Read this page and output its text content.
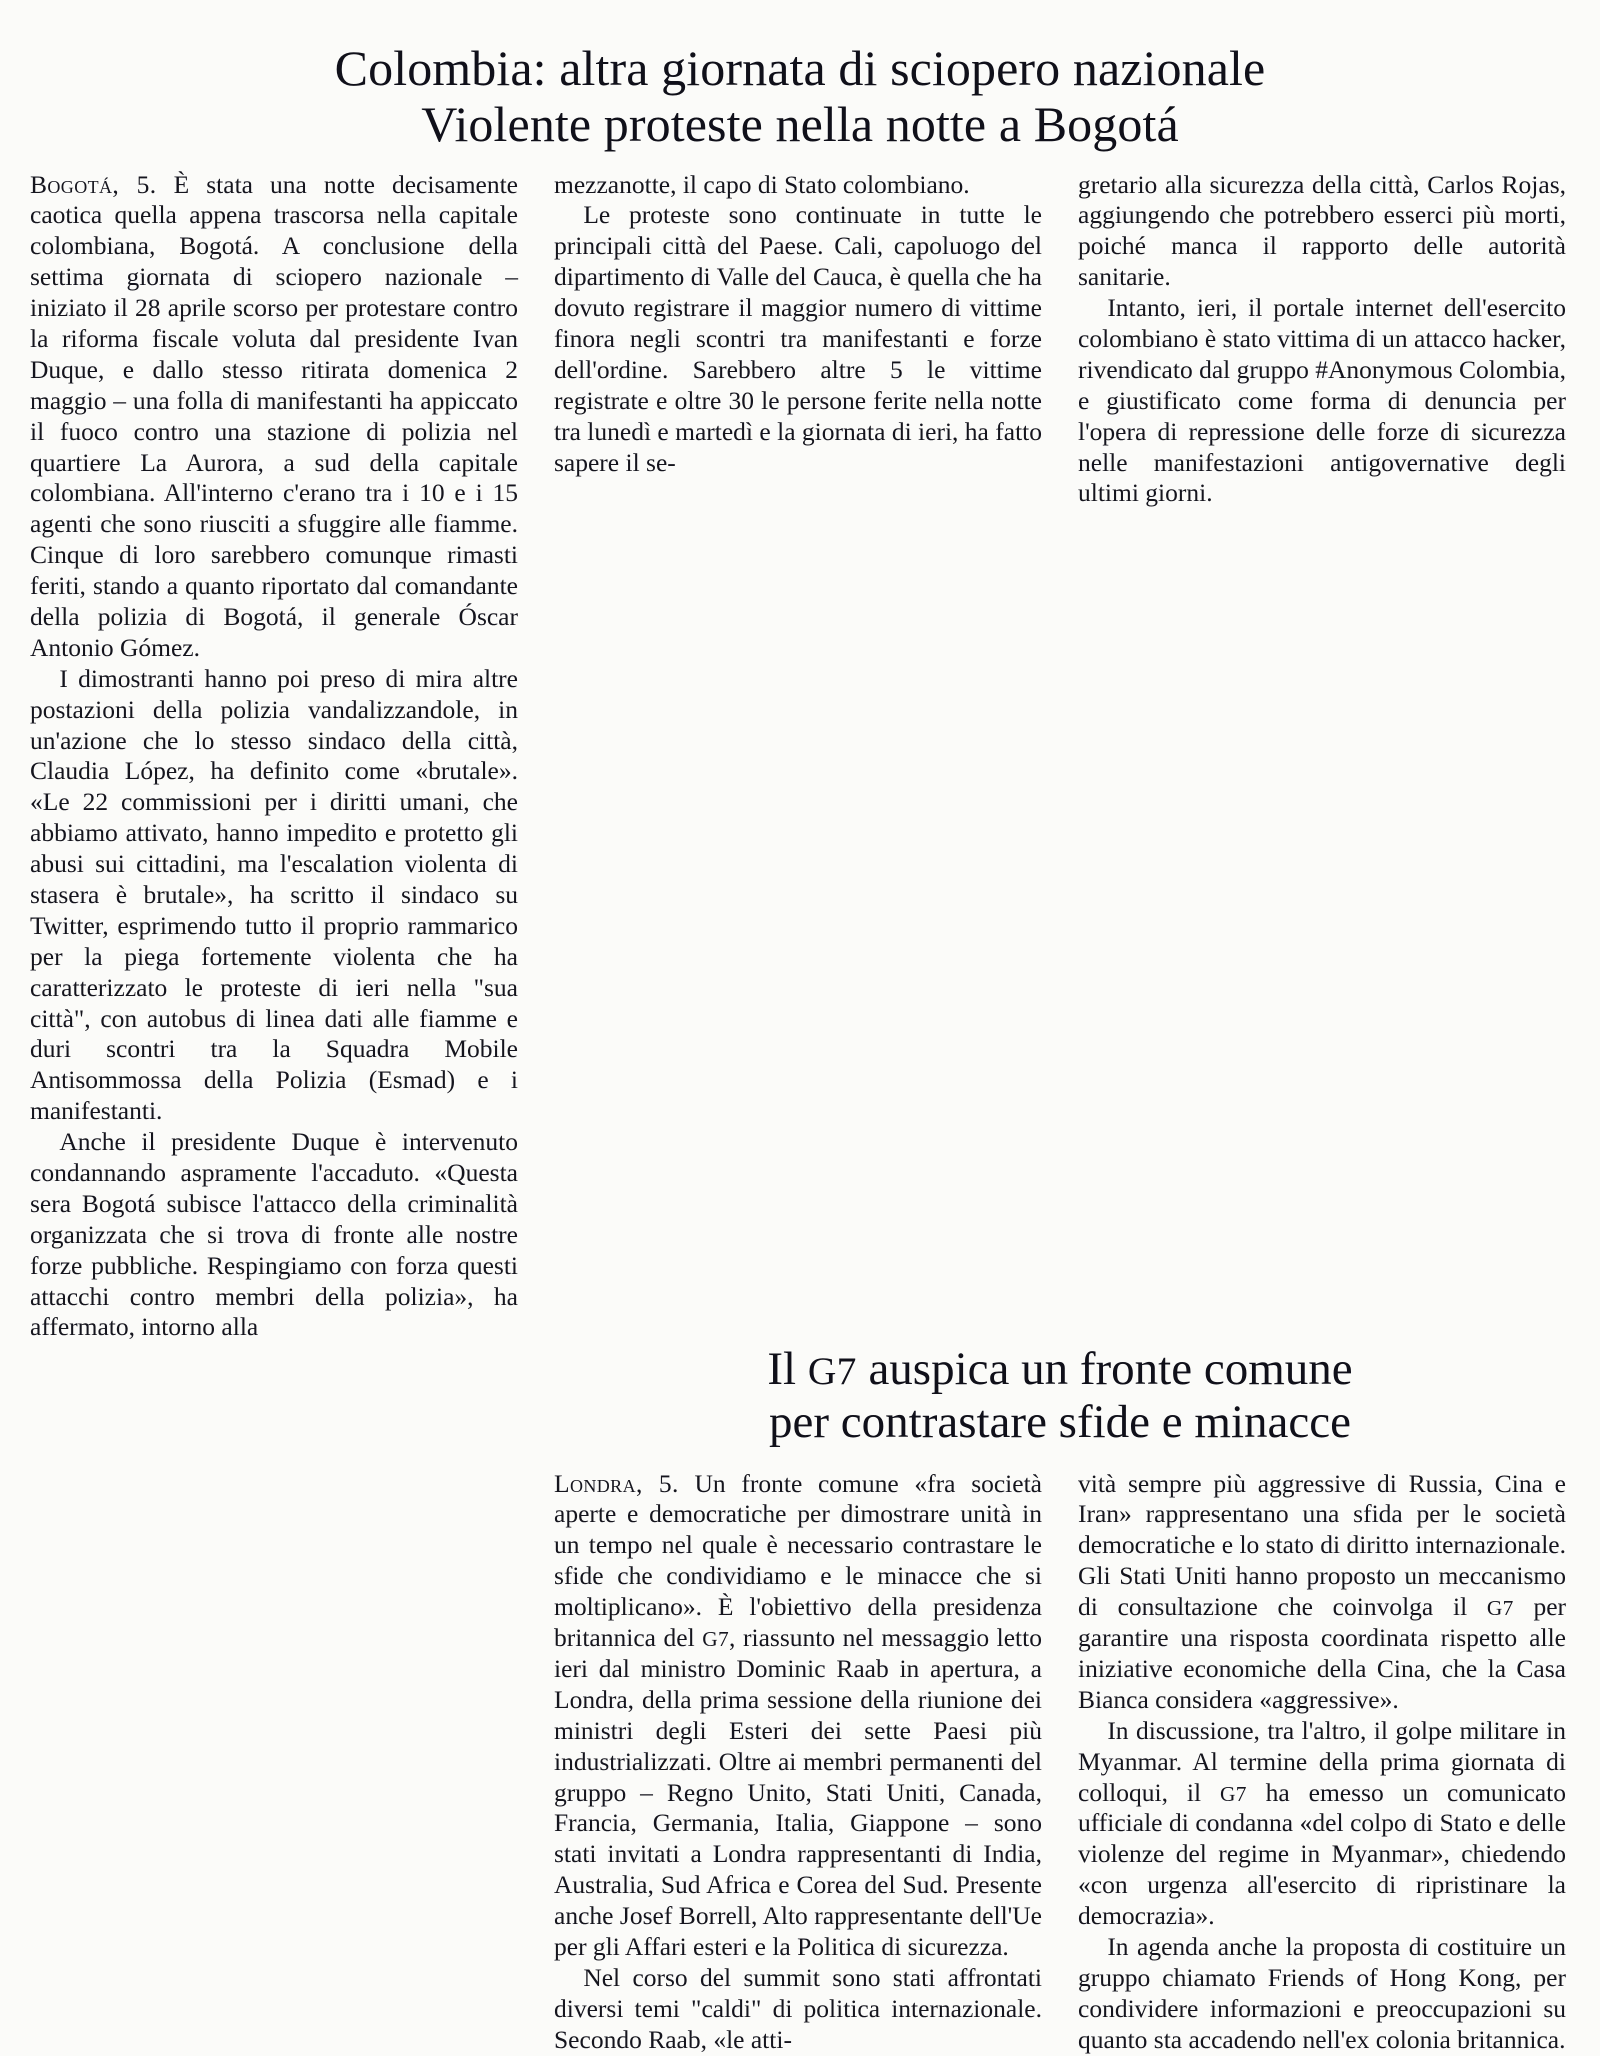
Colombia: altra giornata di sciopero nazionale
Violente proteste nella notte a Bogotá

Bogotá, 5. È stata una notte decisamente caotica quella appena trascorsa nella capitale colombiana, Bogotá. A conclusione della settima giornata di sciopero nazionale – iniziato il 28 aprile scorso per protestare contro la riforma fiscale voluta dal presidente Ivan Duque, e dallo stesso ritirata domenica 2 maggio – una folla di manifestanti ha appiccato il fuoco contro una stazione di polizia nel quartiere La Aurora, a sud della capitale colombiana. All'interno c'erano tra i 10 e i 15 agenti che sono riusciti a sfuggire alle fiamme. Cinque di loro sarebbero comunque rimasti feriti, stando a quanto riportato dal comandante della polizia di Bogotá, il generale Óscar Antonio Gómez.

I dimostranti hanno poi preso di mira altre postazioni della polizia vandalizzandole, in un'azione che lo stesso sindaco della città, Claudia López, ha definito come «brutale». «Le 22 commissioni per i diritti umani, che abbiamo attivato, hanno impedito e protetto gli abusi sui cittadini, ma l'escalation violenta di stasera è brutale», ha scritto il sindaco su Twitter, esprimendo tutto il proprio rammarico per la piega fortemente violenta che ha caratterizzato le proteste di ieri nella "sua città", con autobus di linea dati alle fiamme e duri scontri tra la Squadra Mobile Antisommossa della Polizia (Esmad) e i manifestanti.

Anche il presidente Duque è intervenuto condannando aspramente l'accaduto. «Questa sera Bogotá subisce l'attacco della criminalità organizzata che si trova di fronte alle nostre forze pubbliche. Respingiamo con forza questi attacchi contro membri della polizia», ha affermato, intorno alla

mezzanotte, il capo di Stato colombiano.

Le proteste sono continuate in tutte le principali città del Paese. Cali, capoluogo del dipartimento di Valle del Cauca, è quella che ha dovuto registrare il maggior numero di vittime finora negli scontri tra manifestanti e forze dell'ordine. Sarebbero altre 5 le vittime registrate e oltre 30 le persone ferite nella notte tra lunedì e martedì e la giornata di ieri, ha fatto sapere il se-

gretario alla sicurezza della città, Carlos Rojas, aggiungendo che potrebbero esserci più morti, poiché manca il rapporto delle autorità sanitarie.

Intanto, ieri, il portale internet dell'esercito colombiano è stato vittima di un attacco hacker, rivendicato dal gruppo #Anonymous Colombia, e giustificato come forma di denuncia per l'opera di repressione delle forze di sicurezza nelle manifestazioni antigovernative degli ultimi giorni.

Il G7 auspica un fronte comune
per contrastare sfide e minacce

Londra, 5. Un fronte comune «fra società aperte e democratiche per dimostrare unità in un tempo nel quale è necessario contrastare le sfide che condividiamo e le minacce che si moltiplicano». È l'obiettivo della presidenza britannica del G7, riassunto nel messaggio letto ieri dal ministro Dominic Raab in apertura, a Londra, della prima sessione della riunione dei ministri degli Esteri dei sette Paesi più industrializzati. Oltre ai membri permanenti del gruppo – Regno Unito, Stati Uniti, Canada, Francia, Germania, Italia, Giappone – sono stati invitati a Londra rappresentanti di India, Australia, Sud Africa e Corea del Sud. Presente anche Josef Borrell, Alto rappresentante dell'Ue per gli Affari esteri e la Politica di sicurezza.

Nel corso del summit sono stati affrontati diversi temi "caldi" di politica internazionale. Secondo Raab, «le atti-

vità sempre più aggressive di Russia, Cina e Iran» rappresentano una sfida per le società democratiche e lo stato di diritto internazionale. Gli Stati Uniti hanno proposto un meccanismo di consultazione che coinvolga il G7 per garantire una risposta coordinata rispetto alle iniziative economiche della Cina, che la Casa Bianca considera «aggressive».

In discussione, tra l'altro, il golpe militare in Myanmar. Al termine della prima giornata di colloqui, il G7 ha emesso un comunicato ufficiale di condanna «del colpo di Stato e delle violenze del regime in Myanmar», chiedendo «con urgenza all'esercito di ripristinare la democrazia».

In agenda anche la proposta di costituire un gruppo chiamato Friends of Hong Kong, per condividere informazioni e preoccupazioni su quanto sta accadendo nell'ex colonia britannica.
